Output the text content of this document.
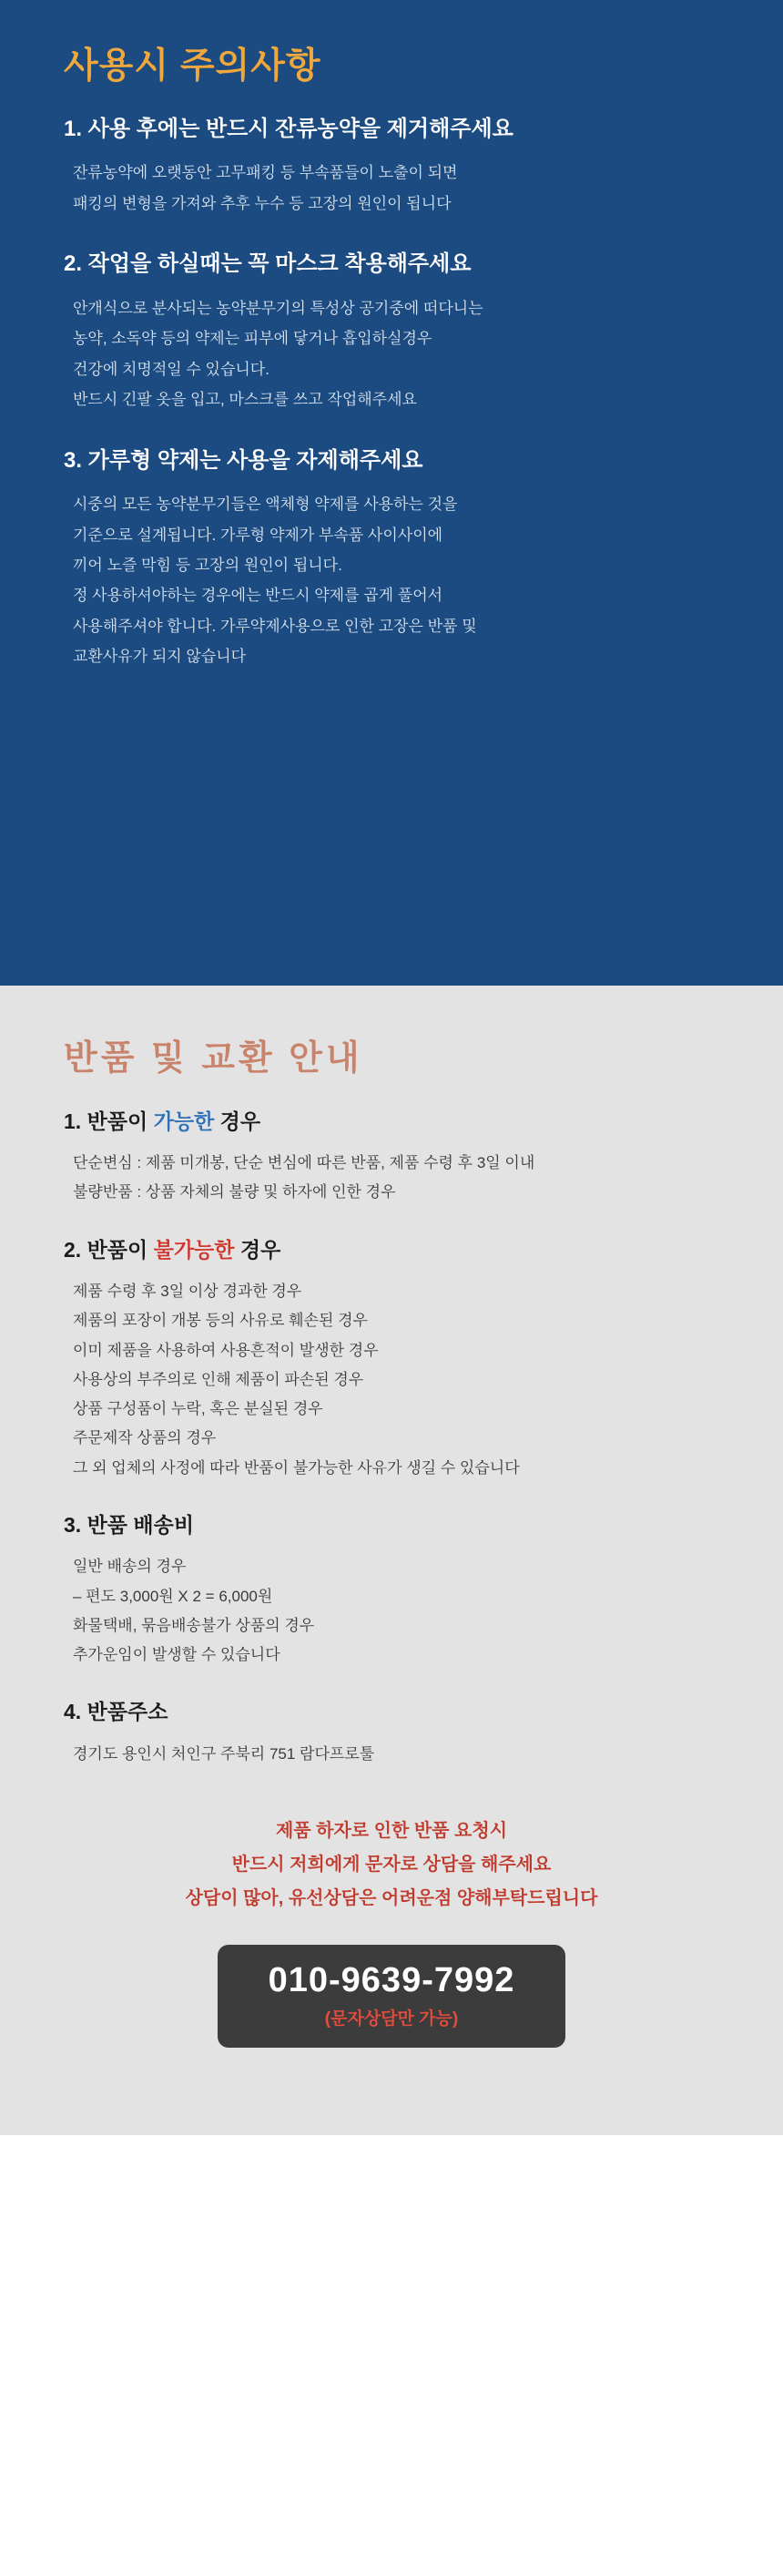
사용시 주의사항
1. 사용 후에는 반드시 잔류농약을 제거해주세요

잔류농약에 오랫동안 고무패킹 등 부속품들이 노출이 되면

패킹의 변형을 가져와 추후 누수 등 고장의 원인이 됩니다

2. 작업을 하실때는 꼭 마스크 착용해주세요

안개식으로 분사되는 농약분무기의 특성상 공기중에 떠다니는

농약, 소독약 등의 약제는 피부에 닿거나 흡입하실경우

건강에 치명적일 수 있습니다.

반드시 긴팔 옷을 입고, 마스크를 쓰고 작업해주세요

3. 가루형 약제는 사용을 자제해주세요

시중의 모든 농약분무기들은 액체형 약제를 사용하는 것을

기준으로 설계됩니다. 가루형 약제가 부속품 사이사이에

끼어 노즐 막힘 등 고장의 원인이 됩니다.

정 사용하셔야하는 경우에는 반드시 약제를 곱게 풀어서

사용해주셔야 합니다. 가루약제사용으로 인한 고장은 반품 및

교환사유가 되지 않습니다

반품 및 교환 안내
1. 반품이 가능한 경우

단순변심 : 제품 미개봉, 단순 변심에 따른 반품, 제품 수령 후 3일 이내

불량반품 : 상품 자체의 불량 및 하자에 인한 경우

2. 반품이 불가능한 경우

제품 수령 후 3일 이상 경과한 경우

제품의 포장이 개봉 등의 사유로 훼손된 경우

이미 제품을 사용하여 사용흔적이 발생한 경우

사용상의 부주의로 인해 제품이 파손된 경우

상품 구성품이 누락, 혹은 분실된 경우

주문제작 상품의 경우

그 외 업체의 사정에 따라 반품이 불가능한 사유가 생길 수 있습니다

3. 반품 배송비

일반 배송의 경우

– 편도 3,000원 X 2 = 6,000원

화물택배, 묶음배송불가 상품의 경우

추가운임이 발생할 수 있습니다

4. 반품주소

경기도 용인시 처인구 주북리 751 람다프로툴

제품 하자로 인한 반품 요청시

반드시 저희에게 문자로 상담을 해주세요

상담이 많아, 유선상담은 어려운점 양해부탁드립니다

010-9639-7992
(문자상담만 가능)
